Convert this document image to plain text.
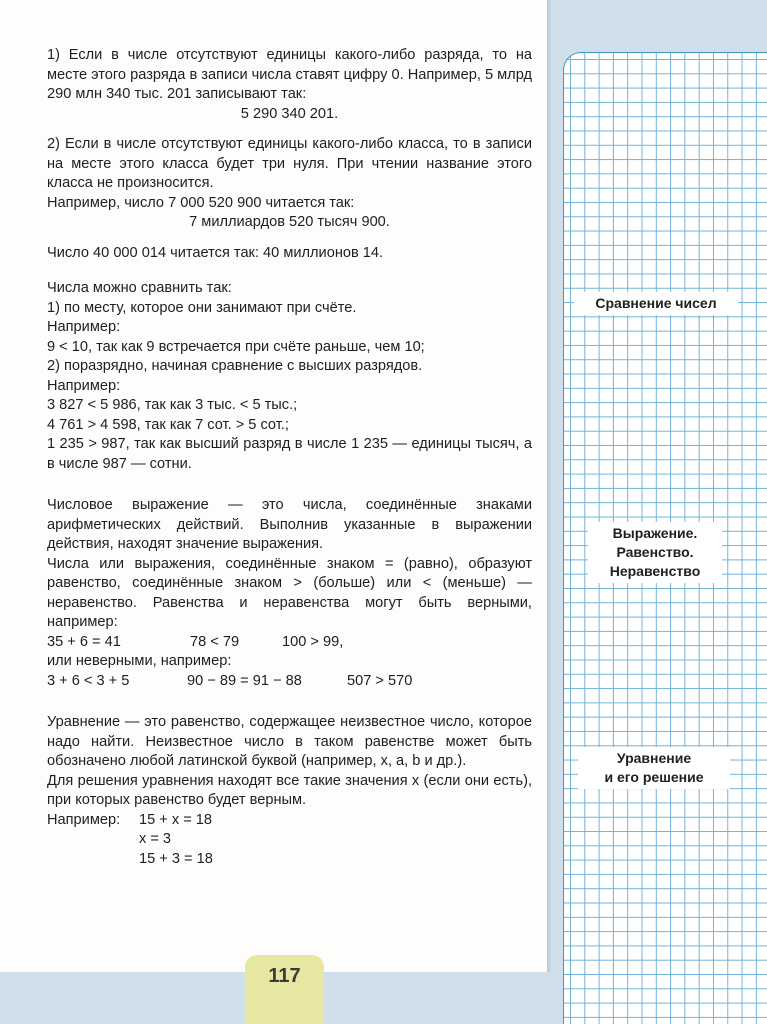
1) Если в числе отсутствуют единицы какого-либо разряда, то на месте этого разряда в записи числа ставят цифру 0. Например, 5 млрд 290 млн 340 тыс. 201 записывают так:

5 290 340 201.

2) Если в числе отсутствуют единицы какого-либо класса, то в записи на месте этого класса будет три нуля. При чтении название этого класса не произносится.

Например, число 7 000 520 900 читается так:

7 миллиардов 520 тысяч 900.

Число 40 000 014 читается так: 40 миллионов 14.

Числа можно сравнить так:

1) по месту, которое они занимают при счёте.

Например:

9 < 10, так как 9 встречается при счёте раньше, чем 10;

2) поразрядно, начиная сравнение с высших разрядов.

Например:

3 827 < 5 986, так как 3 тыс. < 5 тыс.;

4 761 > 4 598, так как 7 сот. > 5 сот.;

1 235 > 987, так как высший разряд в числе 1 235 — единицы тысяч, а в числе 987 — сотни.

Числовое выражение — это числа, соединённые знаками арифметических действий. Выполнив указанные в выражении действия, находят значение выражения.

Числа или выражения, соединённые знаком = (равно), образуют равенство, соединённые знаком > (больше) или < (меньше) — неравенство. Равенства и неравенства могут быть верными, например:

35 + 6 = 41	78 < 79	100 > 99,

или неверными, например:

3 + 6 < 3 + 5	90 − 89 = 91 − 88	507 > 570

Уравнение — это равенство, содержащее неизвестное число, которое надо найти. Неизвестное число в таком равенстве может быть обозначено любой латинской буквой (например, x, a, b и др.).

Для решения уравнения находят все такие значения x (если они есть), при которых равенство будет верным.

Например:	15 + x = 18

x = 3

15 + 3 = 18

Сравнение чисел
Выражение.
Равенство.
Неравенство
Уравнение
и его решение
117
